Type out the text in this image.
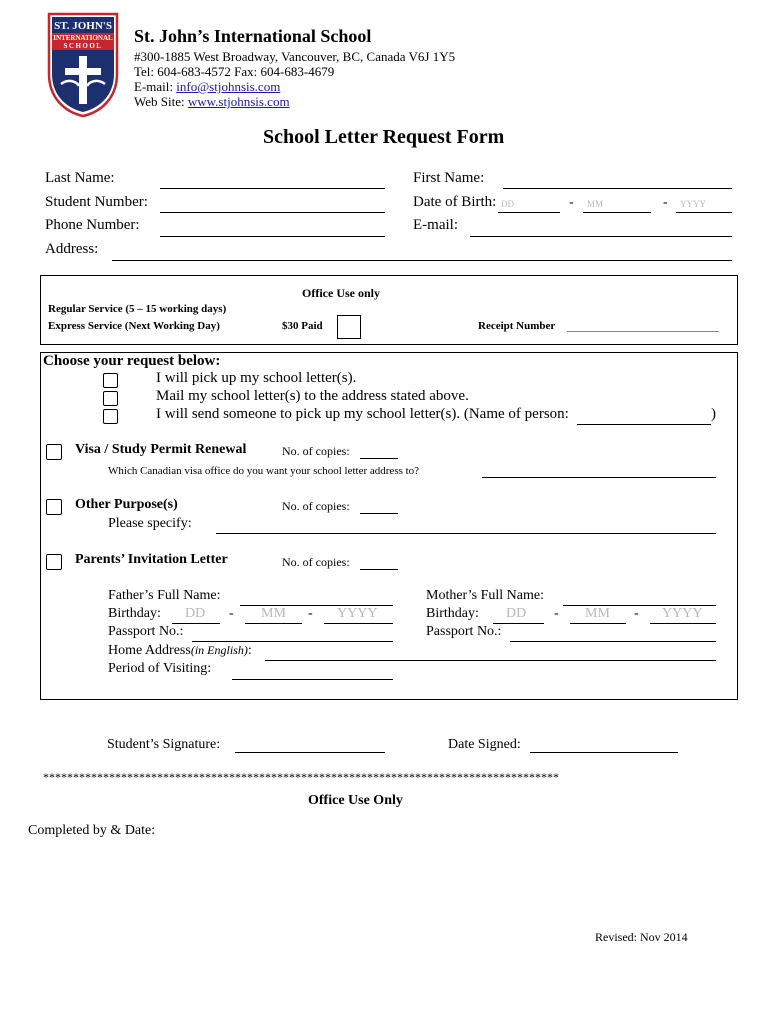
ST. JOHN'S
INTERNATIONAL
SCHOOL St. John’s International School
#300-1885 West Broadway, Vancouver, BC, Canada V6J 1Y5
Tel: 604-683-4572 Fax: 604-683-4679
E-mail: info@stjohnsis.com
Web Site: www.stjohnsis.com
School Letter Request Form
Last Name:	First Name:
Student Number:	Date of Birth: DD	- MM	- YYYY
Phone Number:	E-mail:
Address:
Office Use only
Regular Service (5 – 15 working days)
Express Service (Next Working Day)	$30 Paid	Receipt Number
Choose your request below:
I will pick up my school letter(s).
Mail my school letter(s) to the address stated above.
I will send someone to pick up my school letter(s). (Name of person:	)
Visa / Study Permit Renewal	No. of copies:
Which Canadian visa office do you want your school letter address to?
Other Purpose(s)	No. of copies:
Please specify:
Parents’ Invitation Letter	No. of copies:
Father’s Full Name:	Mother’s Full Name:
Birthday: DD - MM - YYYY	Birthday: DD - MM - YYYY
Passport No.:	Passport No.:
Home Address(in English):
Period of Visiting:
Student’s Signature:	Date Signed:
**************************************************************************************
Office Use Only
Completed by & Date:
Revised: Nov 2014
